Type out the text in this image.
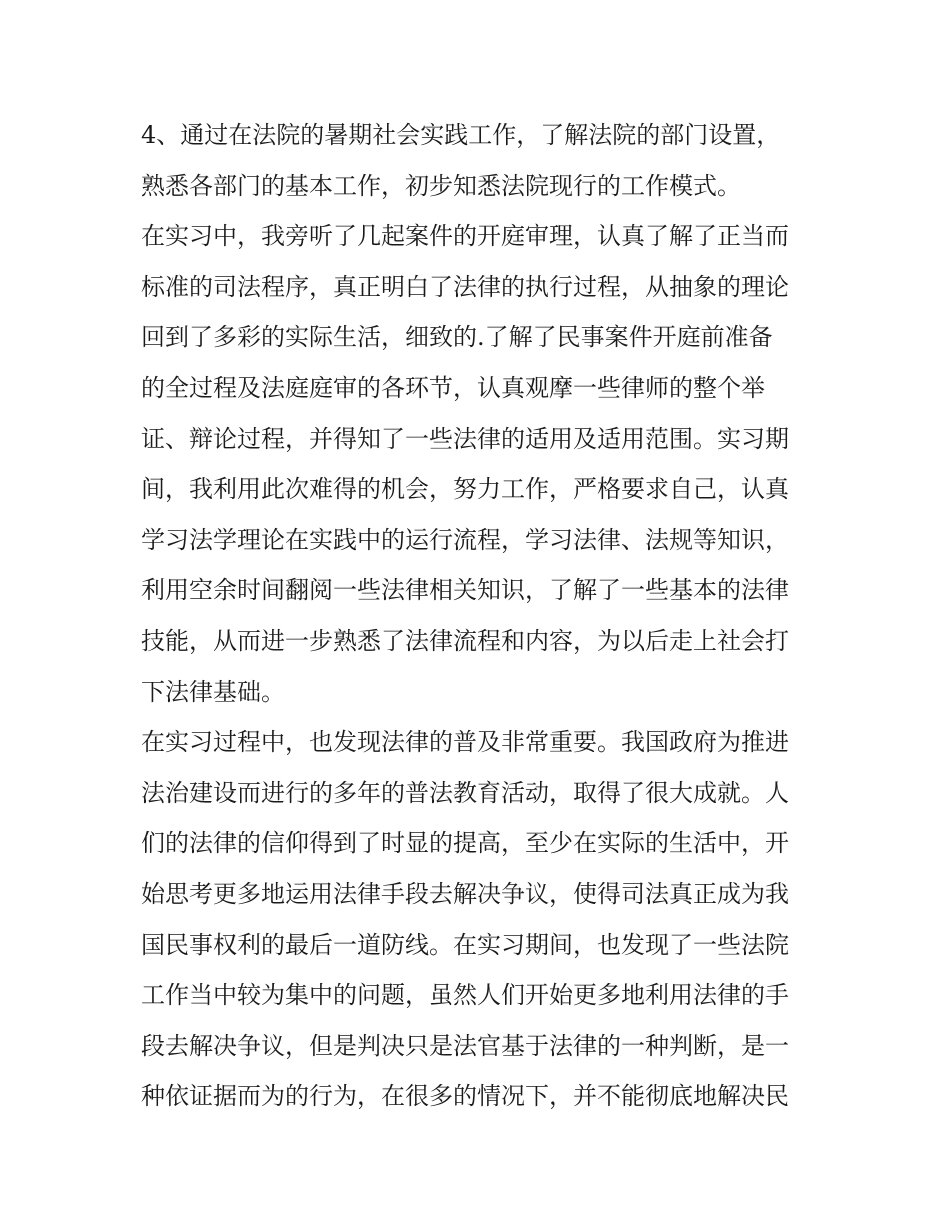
4、通过在法院的暑期社会实践工作，了解法院的部门设置，
熟悉各部门的基本工作，初步知悉法院现行的工作模式。
在实习中，我旁听了几起案件的开庭审理，认真了解了正当而
标准的司法程序，真正明白了法律的执行过程，从抽象的理论
回到了多彩的实际生活，细致的.了解了民事案件开庭前准备
的全过程及法庭庭审的各环节，认真观摩一些律师的整个举
证、辩论过程，并得知了一些法律的适用及适用范围。实习期
间，我利用此次难得的机会，努力工作，严格要求自己，认真
学习法学理论在实践中的运行流程，学习法律、法规等知识，
利用空余时间翻阅一些法律相关知识，了解了一些基本的法律
技能，从而进一步熟悉了法律流程和内容，为以后走上社会打
下法律基础。
在实习过程中，也发现法律的普及非常重要。我国政府为推进
法治建设而进行的多年的普法教育活动，取得了很大成就。人
们的法律的信仰得到了时显的提高，至少在实际的生活中，开
始思考更多地运用法律手段去解决争议，使得司法真正成为我
国民事权利的最后一道防线。在实习期间，也发现了一些法院
工作当中较为集中的问题，虽然人们开始更多地利用法律的手
段去解决争议，但是判决只是法官基于法律的一种判断，是一
种依证据而为的行为，在很多的情况下，并不能彻底地解决民
